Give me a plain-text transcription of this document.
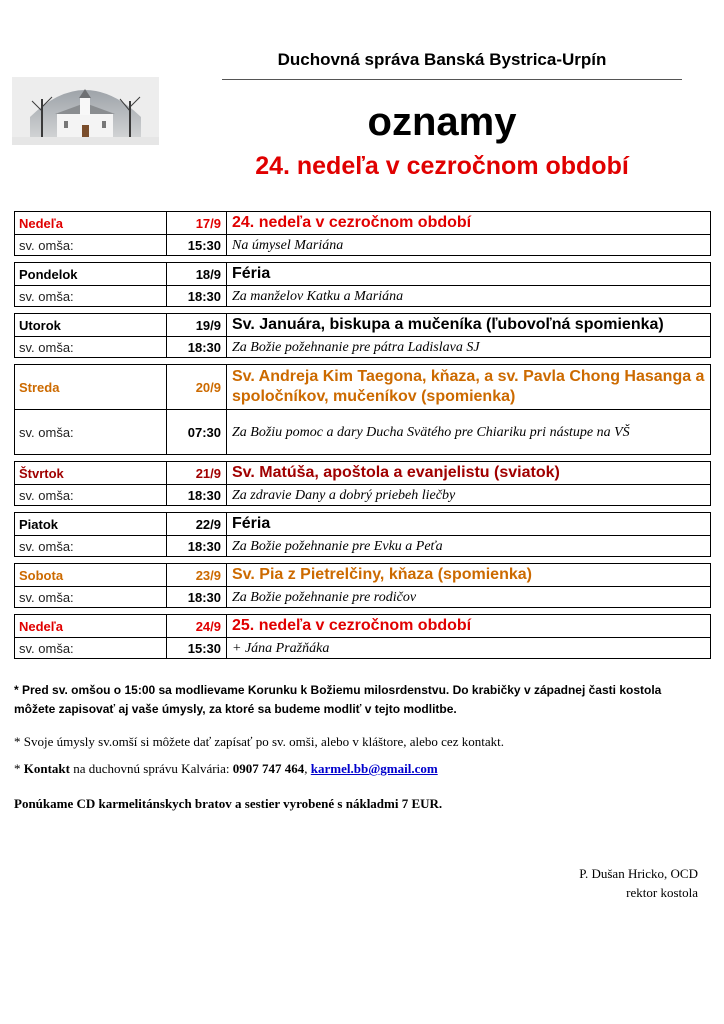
Duchovná správa Banská Bystrica-Urpín
oznamy
24. nedeľa v cezročnom období
Nedeľa	17/9 24. nedeľa v cezročnom období
sv. omša:	15:30 Na úmysel Mariána
Pondelok	18/9 Féria
sv. omša:	18:30 Za manželov Katku a Mariána
Utorok	19/9 Sv. Januára, biskupa a mučeníka (ľubovoľná spomienka)
sv. omša:	18:30 Za Božie požehnanie pre pátra Ladislava SJ
Streda	20/9
Sv. Andreja Kim Taegona, kňaza, a sv. Pavla Chong Hasanga a spoločníkov, mučeníkov (spomienka)
sv. omša:	07:30 Za Božiu pomoc a dary Ducha Svätého pre Chiariku pri nástupe na VŠ
Štvrtok	21/9 Sv. Matúša, apoštola a evanjelistu (sviatok)
sv. omša:	18:30 Za zdravie Dany a dobrý priebeh liečby
Piatok	22/9 Féria
sv. omša:	18:30 Za Božie požehnanie pre Evku a Peťa
Sobota	23/9 Sv. Pia z Pietrelčiny, kňaza (spomienka)
sv. omša:	18:30 Za Božie požehnanie pre rodičov
Nedeľa	24/9 25. nedeľa v cezročnom období
sv. omša:	15:30 + Jána Pražňáka
* Pred sv. omšou o 15:00 sa modlievame Korunku k Božiemu milosrdenstvu. Do krabičky v západnej časti kostola môžete zapisovať aj vaše úmysly, za ktoré sa budeme modliť v tejto modlitbe.
* Svoje úmysly sv.omší si môžete dať zapísať po sv. omši, alebo v kláštore, alebo cez kontakt.
* Kontakt na duchovnú správu Kalvária: 0907 747 464, karmel.bb@gmail.com
Ponúkame CD karmelitánskych bratov a sestier vyrobené s nákladmi 7 EUR.
P. Dušan Hricko, OCD
rektor kostola
